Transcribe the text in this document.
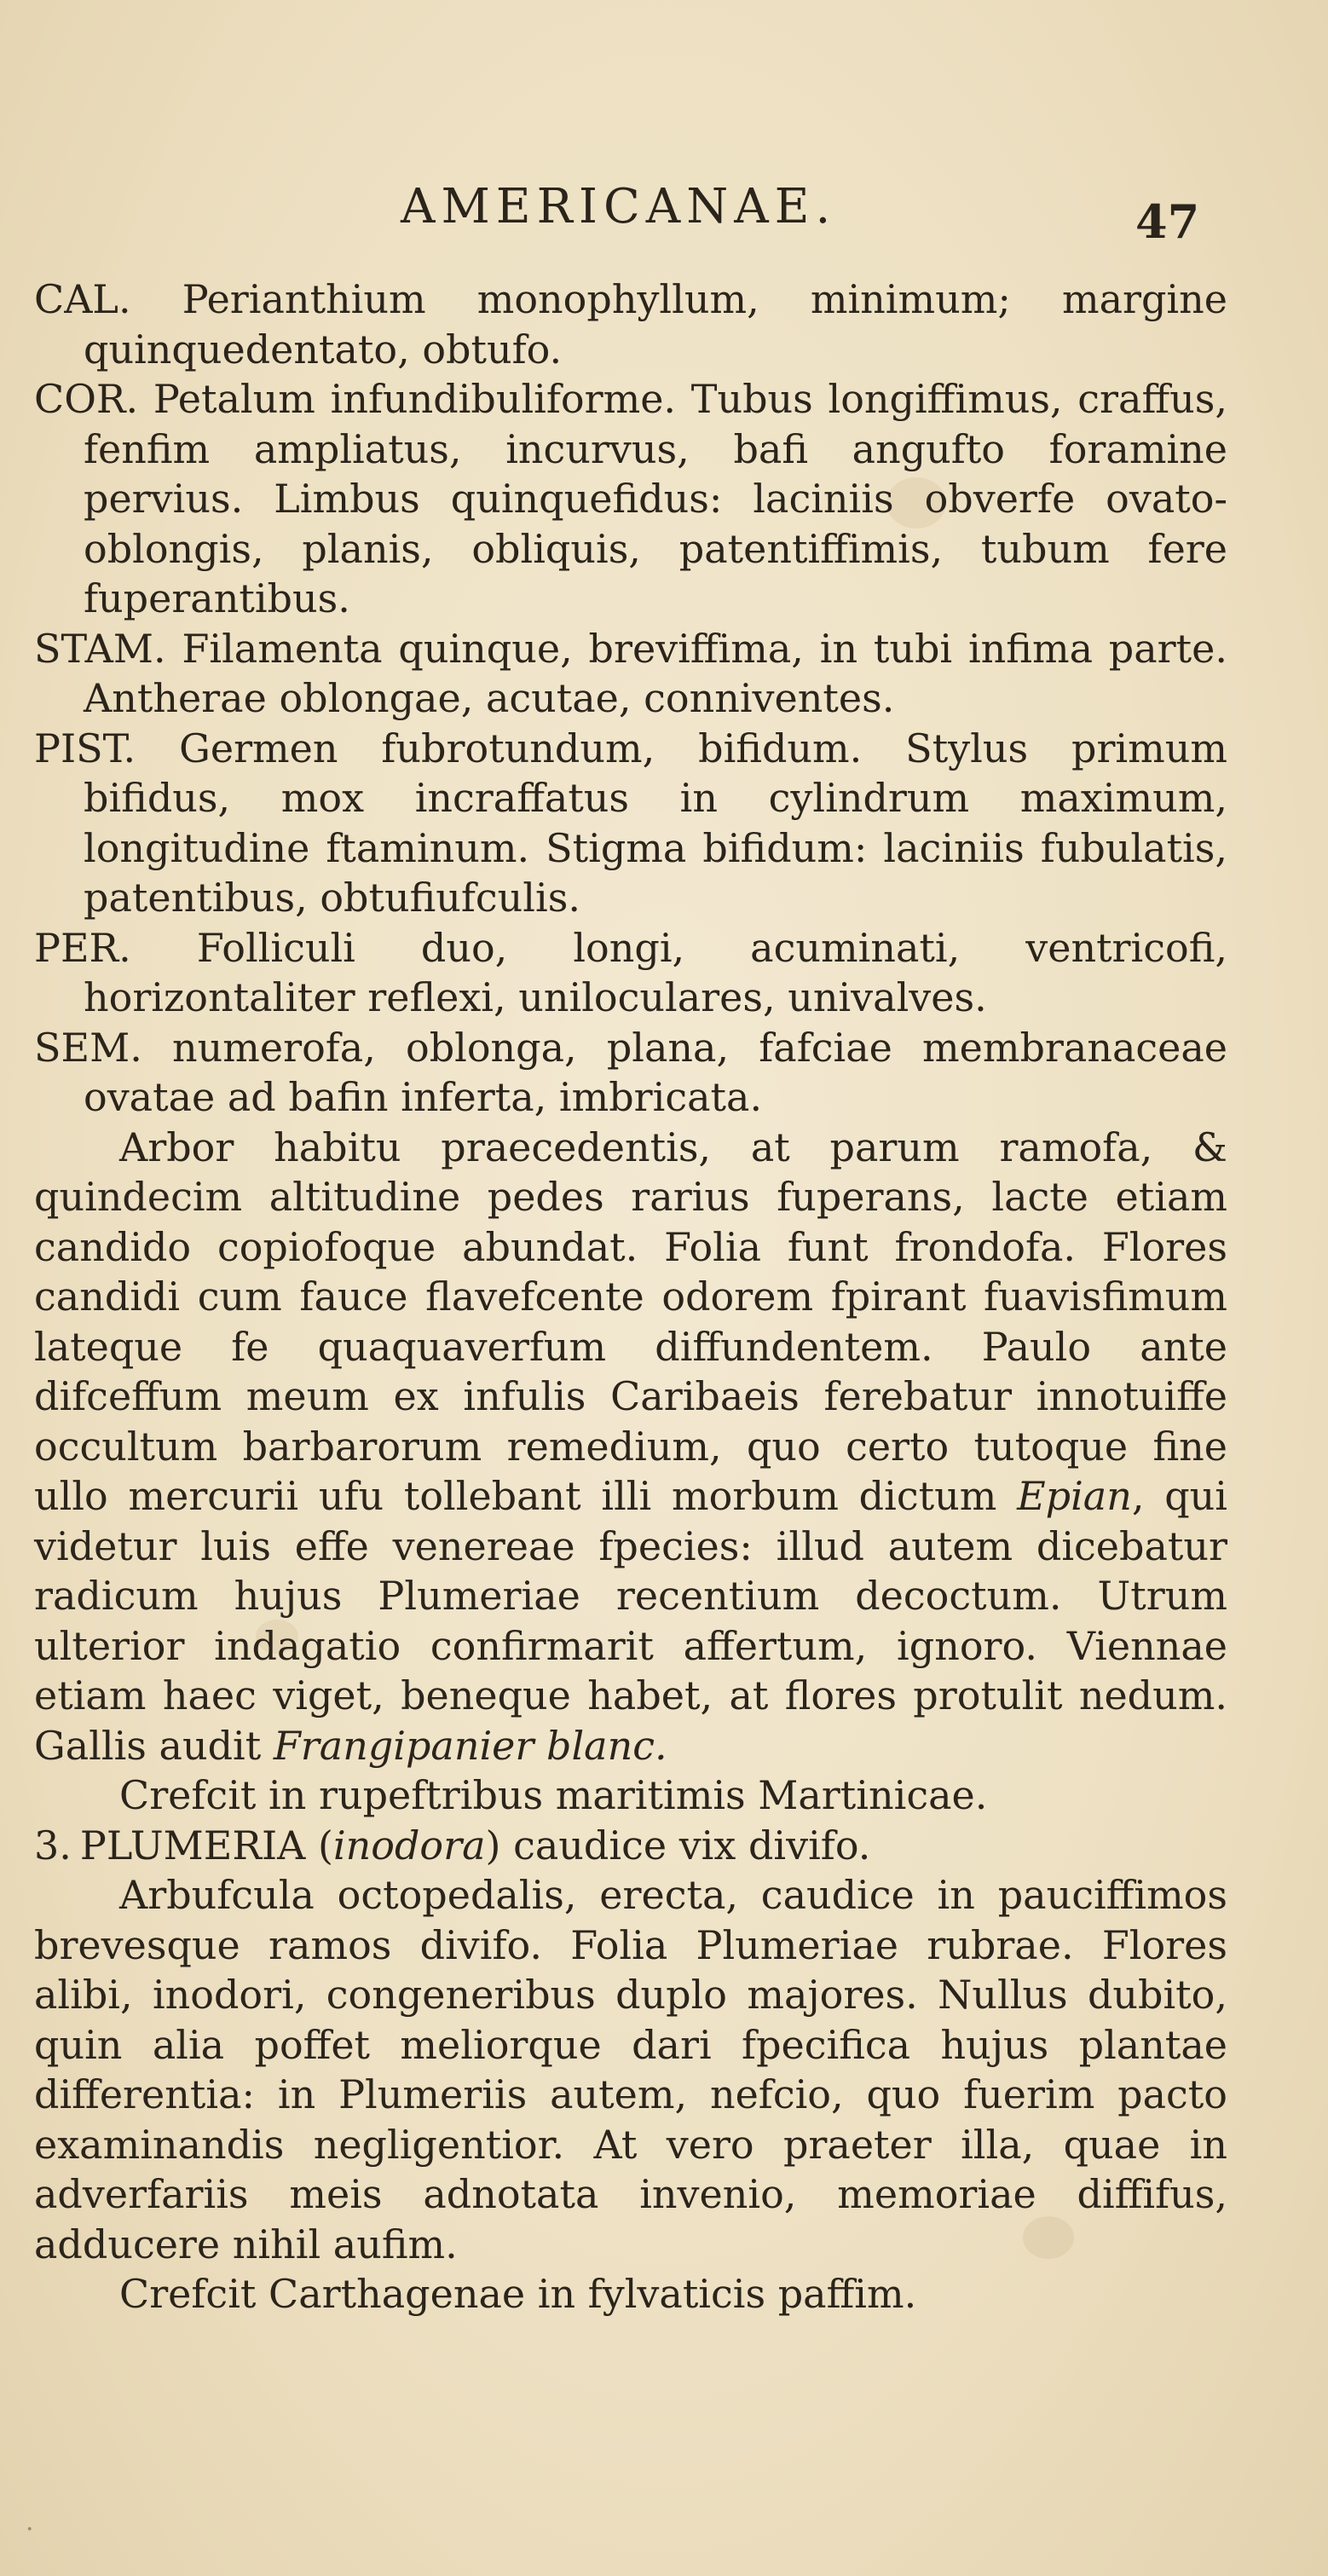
AMERICANAE.	47

CAL. Perianthium monophyllum, minimum; margine quinquedentato, obtufo.

COR. Petalum infundibuliforme. Tubus longiffimus, craffus, fenfim ampliatus, incurvus, bafi angufto foramine pervius. Limbus quinquefidus: laciniis obverfe ovato-oblongis, planis, obliquis, patentiffimis, tubum fere fuperantibus.

STAM. Filamenta quinque, breviffima, in tubi infima parte. Antherae oblongae, acutae, conniventes.

PIST. Germen fubrotundum, bifidum. Stylus primum bifidus, mox incraffatus in cylindrum maximum, longitudine ftaminum. Stigma bifidum: laciniis fubulatis, patentibus, obtufiufculis.

PER. Folliculi duo, longi, acuminati, ventricofi, horizontaliter reflexi, uniloculares, univalves.

SEM. numerofa, oblonga, plana, fafciae membranaceae ovatae ad bafin inferta, imbricata.

Arbor habitu praecedentis, at parum ramofa, & quindecim altitudine pedes rarius fuperans, lacte etiam candido copiofoque abundat. Folia funt frondofa. Flores candidi cum fauce flavefcente odorem fpirant fuavisfimum lateque fe quaquaverfum diffundentem. Paulo ante difceffum meum ex infulis Caribaeis ferebatur innotuiffe occultum barbarorum remedium, quo certo tutoque fine ullo mercurii ufu tollebant illi morbum dictum Epian, qui videtur luis effe venereae fpecies: illud autem dicebatur radicum hujus Plumeriae recentium decoctum. Utrum ulterior indagatio confirmarit affertum, ignoro. Viennae etiam haec viget, beneque habet, at flores protulit nedum. Gallis audit Frangipanier blanc.

Crefcit in rupeftribus maritimis Martinicae.

3. PLUMERIA (inodora) caudice vix divifo.

Arbufcula octopedalis, erecta, caudice in pauciffimos brevesque ramos divifo. Folia Plumeriae rubrae. Flores alibi, inodori, congeneribus duplo majores. Nullus dubito, quin alia poffet meliorque dari fpecifica hujus plantae differentia: in Plumeriis autem, nefcio, quo fuerim pacto examinandis negligentior. At vero praeter illa, quae in adverfariis meis adnotata invenio, memoriae diffifus, adducere nihil aufim.

Crefcit Carthagenae in fylvaticis paffim.

·
